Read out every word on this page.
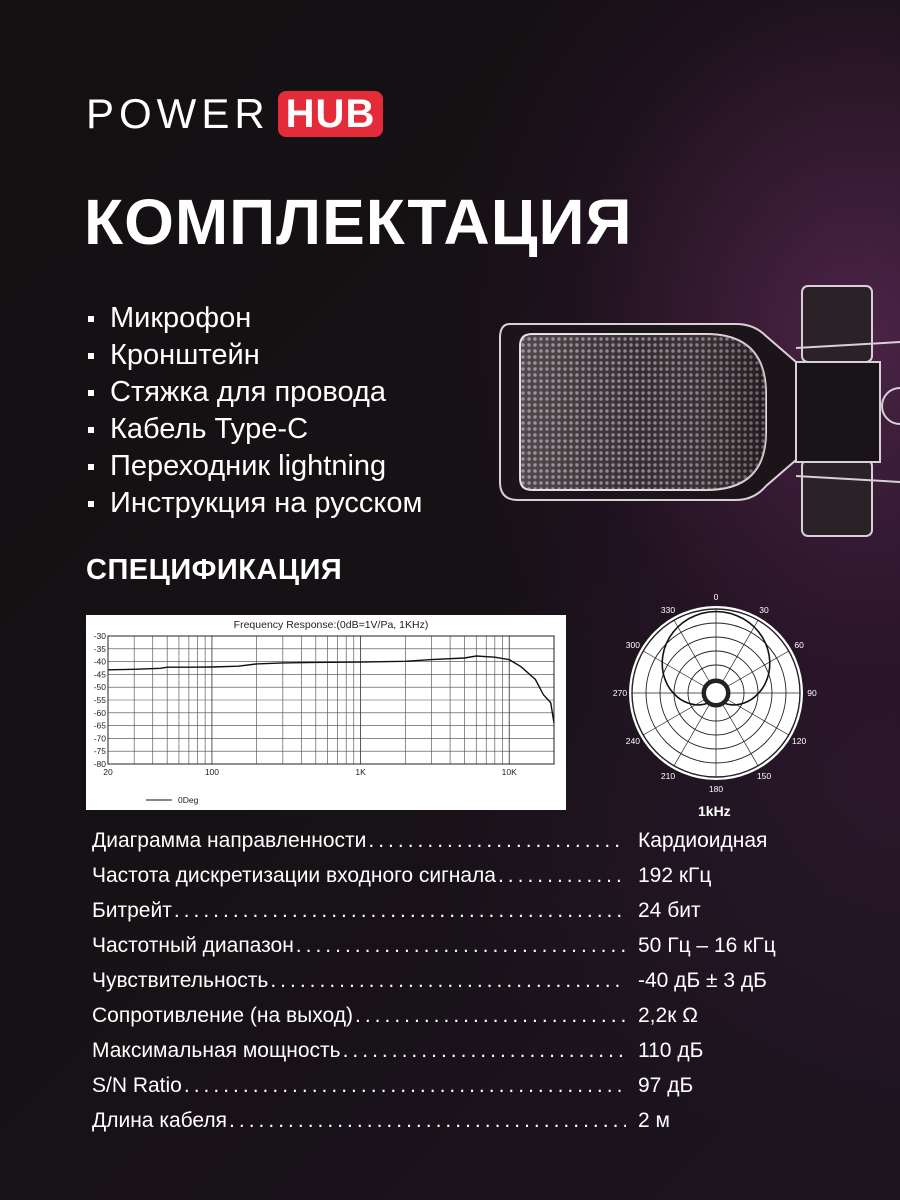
POWER HUB
КОМПЛЕКТАЦИЯ
Микрофон
Кронштейн
Стяжка для провода
Кабель Type-C
Переходник lightning
Инструкция на русском
СПЕЦИФИКАЦИЯ
Frequency Response:(0dB=1V/Pa, 1KHz)
-30
-35
-40
-45
-50
-55
-60
-65
-70
-75
-80
20	100	1K	10K
0Deg
0
30
60
90
120
150
180
210
240
270
300
330
1kHz
Диаграмма направленности .....	Кардиоидная
Частота дискретизации входного сигнала .....	192 кГц
Битрейт .....	24 бит
Частотный диапазон .....	50 Гц – 16 кГц
Чувствительность .....	-40 дБ ± 3 дБ
Сопротивление (на выход) .....	2,2к Ω
Максимальная мощность .....	110 дБ
S/N Ratio .....	97 дБ
Длина кабеля .....	2 м
